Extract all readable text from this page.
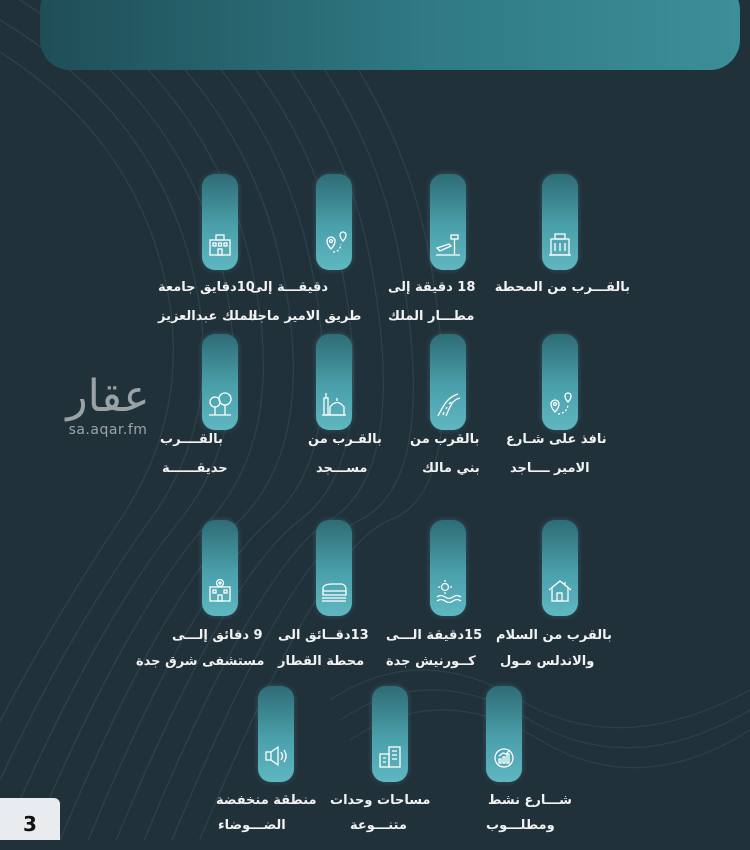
عقار
sa.aqar.fm
بالقـــرب من المحطة
18 دقيقة إلى
مطـــار الملك
دقيقـــة إلى
طريق الامير ماجد
10دقايق جامعة
الملك عبدالعزيز
نافذ على شـارع
الامير ــــاجد
بالقرب من
بني مالك
بالقـرب من
مســـجد
بالقــــرب
حديقــــــة
بالقرب من السلام
والاندلس مـول
15دقيقة الـــى
كــورنيش جدة
13دقــائق الى
محطة القطار
9 دقائق إلـــى
مستشفى شرق جدة
شـــارع نشط
ومطلـــوب
مساحات وحدات
متنـــوعة
منطقة منخفضة
الضـــوضاء
3
